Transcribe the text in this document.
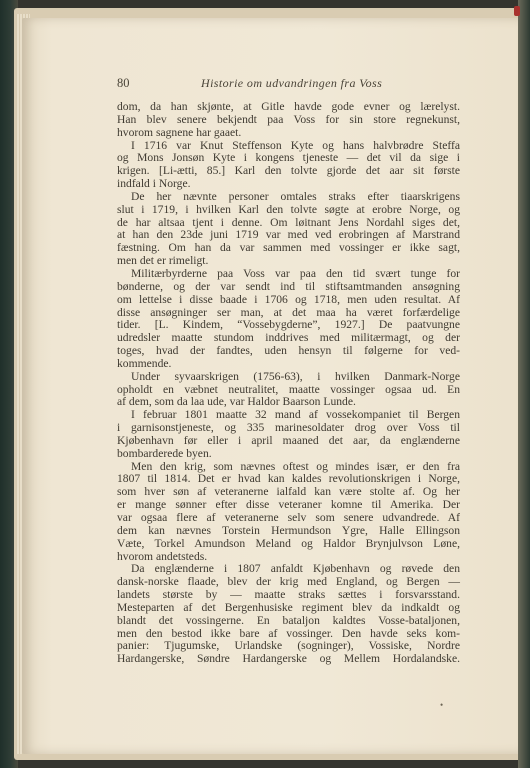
80	Historie om udvandringen fra Voss
dom, da han skjønte, at Gitle havde gode evner og lærelyst.
Han blev senere bekjendt paa Voss for sin store regnekunst,
hvorom sagnene har gaaet.
I 1716 var Knut Steffenson Kyte og hans halvbrødre Steffa
og Mons Jonsøn Kyte i kongens tjeneste — det vil da sige i
krigen. [Li-ætti, 85.] Karl den tolvte gjorde det aar sit første
indfald i Norge.
De her nævnte personer omtales straks efter tiaarskrigens
slut i 1719, i hvilken Karl den tolvte søgte at erobre Norge, og
de har altsaa tjent i denne. Om løitnant Jens Nordahl siges det,
at han den 23de juni 1719 var med ved erobringen af Marstrand
fæstning. Om han da var sammen med vossinger er ikke sagt,
men det er rimeligt.
Militærbyrderne paa Voss var paa den tid svært tunge for
bønderne, og der var sendt ind til stiftsamtmanden ansøgning
om lettelse i disse baade i 1706 og 1718, men uden resultat. Af
disse ansøgninger ser man, at det maa ha været forfærdelige
tider. [L. Kindem, “Vossebygderne”, 1927.] De paatvungne
udredsler maatte stundom inddrives med militærmagt, og der
toges, hvad der fandtes, uden hensyn til følgerne for ved-
kommende.
Under syvaarskrigen (1756-63), i hvilken Danmark-Norge
opholdt en væbnet neutralitet, maatte vossinger ogsaa ud. En
af dem, som da laa ude, var Haldor Baarson Lunde.
I februar 1801 maatte 32 mand af vossekompaniet til Bergen
i garnisonstjeneste, og 335 marinesoldater drog over Voss til
Kjøbenhavn før eller i april maaned det aar, da englænderne
bombarderede byen.
Men den krig, som nævnes oftest og mindes især, er den fra
1807 til 1814. Det er hvad kan kaldes revolutionskrigen i Norge,
som hver søn af veteranerne ialfald kan være stolte af. Og her
er mange sønner efter disse veteraner komne til Amerika. Der
var ogsaa flere af veteranerne selv som senere udvandrede. Af
dem kan nævnes Torstein Hermundson Ygre, Halle Ellingson
Væte, Torkel Amundson Meland og Haldor Brynjulvson Løne,
hvorom andetsteds.
Da englænderne i 1807 anfaldt Kjøbenhavn og røvede den
dansk-norske flaade, blev der krig med England, og Bergen —
landets største by — maatte straks sættes i forsvarsstand.
Mesteparten af det Bergenhusiske regiment blev da indkaldt og
blandt det vossingerne. En bataljon kaldtes Vosse-bataljonen,
men den bestod ikke bare af vossinger. Den havde seks kom-
panier: Tjugumske, Urlandske (sogninger), Vossiske, Nordre
Hardangerske, Søndre Hardangerske og Mellem Hordalandske.
•
